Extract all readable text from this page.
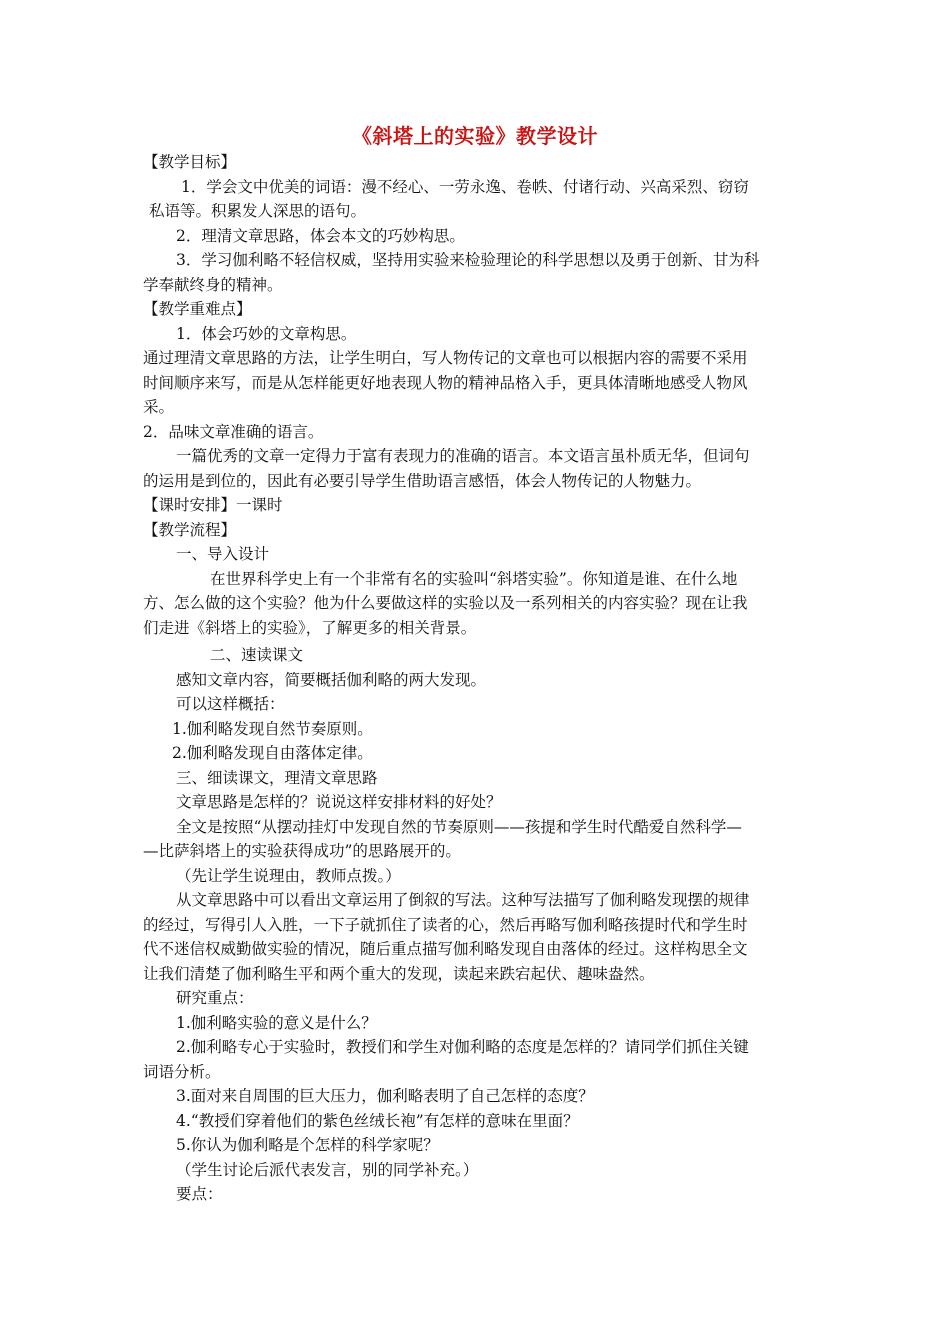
《斜塔上的实验》教学设计
【教学目标】
1．学会文中优美的词语：漫不经心、一劳永逸、卷帙、付诸行动、兴高采烈、窃窃
私语等。积累发人深思的语句。
2．理清文章思路，体会本文的巧妙构思。
3．学习伽利略不轻信权威，坚持用实验来检验理论的科学思想以及勇于创新、甘为科
学奉献终身的精神。
【教学重难点】
1．体会巧妙的文章构思。
通过理清文章思路的方法，让学生明白，写人物传记的文章也可以根据内容的需要不采用
时间顺序来写，而是从怎样能更好地表现人物的精神品格入手，更具体清晰地感受人物风
采。
2．品味文章准确的语言。
一篇优秀的文章一定得力于富有表现力的准确的语言。本文语言虽朴质无华，但词句
的运用是到位的，因此有必要引导学生借助语言感悟，体会人物传记的人物魅力。
【课时安排】一课时
【教学流程】
一、导入设计
在世界科学史上有一个非常有名的实验叫“斜塔实验”。你知道是谁、在什么地
方、怎么做的这个实验？他为什么要做这样的实验以及一系列相关的内容实验？现在让我
们走进《斜塔上的实验》，了解更多的相关背景。
二、速读课文
感知文章内容，简要概括伽利略的两大发现。
可以这样概括：
1.伽利略发现自然节奏原则。
2.伽利略发现自由落体定律。
三、细读课文，理清文章思路
文章思路是怎样的？说说这样安排材料的好处？
全文是按照“从摆动挂灯中发现自然的节奏原则——孩提和学生时代酷爱自然科学—
—比萨斜塔上的实验获得成功”的思路展开的。
（先让学生说理由，教师点拨。）
从文章思路中可以看出文章运用了倒叙的写法。这种写法描写了伽利略发现摆的规律
的经过，写得引人入胜，一下子就抓住了读者的心，然后再略写伽利略孩提时代和学生时
代不迷信权威勤做实验的情况，随后重点描写伽利略发现自由落体的经过。这样构思全文
让我们清楚了伽利略生平和两个重大的发现，读起来跌宕起伏、趣味盎然。
研究重点：
1.伽利略实验的意义是什么？
2.伽利略专心于实验时，教授们和学生对伽利略的态度是怎样的？请同学们抓住关键
词语分析。
3.面对来自周围的巨大压力，伽利略表明了自己怎样的态度？
4.“教授们穿着他们的紫色丝绒长袍”有怎样的意味在里面？
5.你认为伽利略是个怎样的科学家呢？
（学生讨论后派代表发言，别的同学补充。）
要点：
